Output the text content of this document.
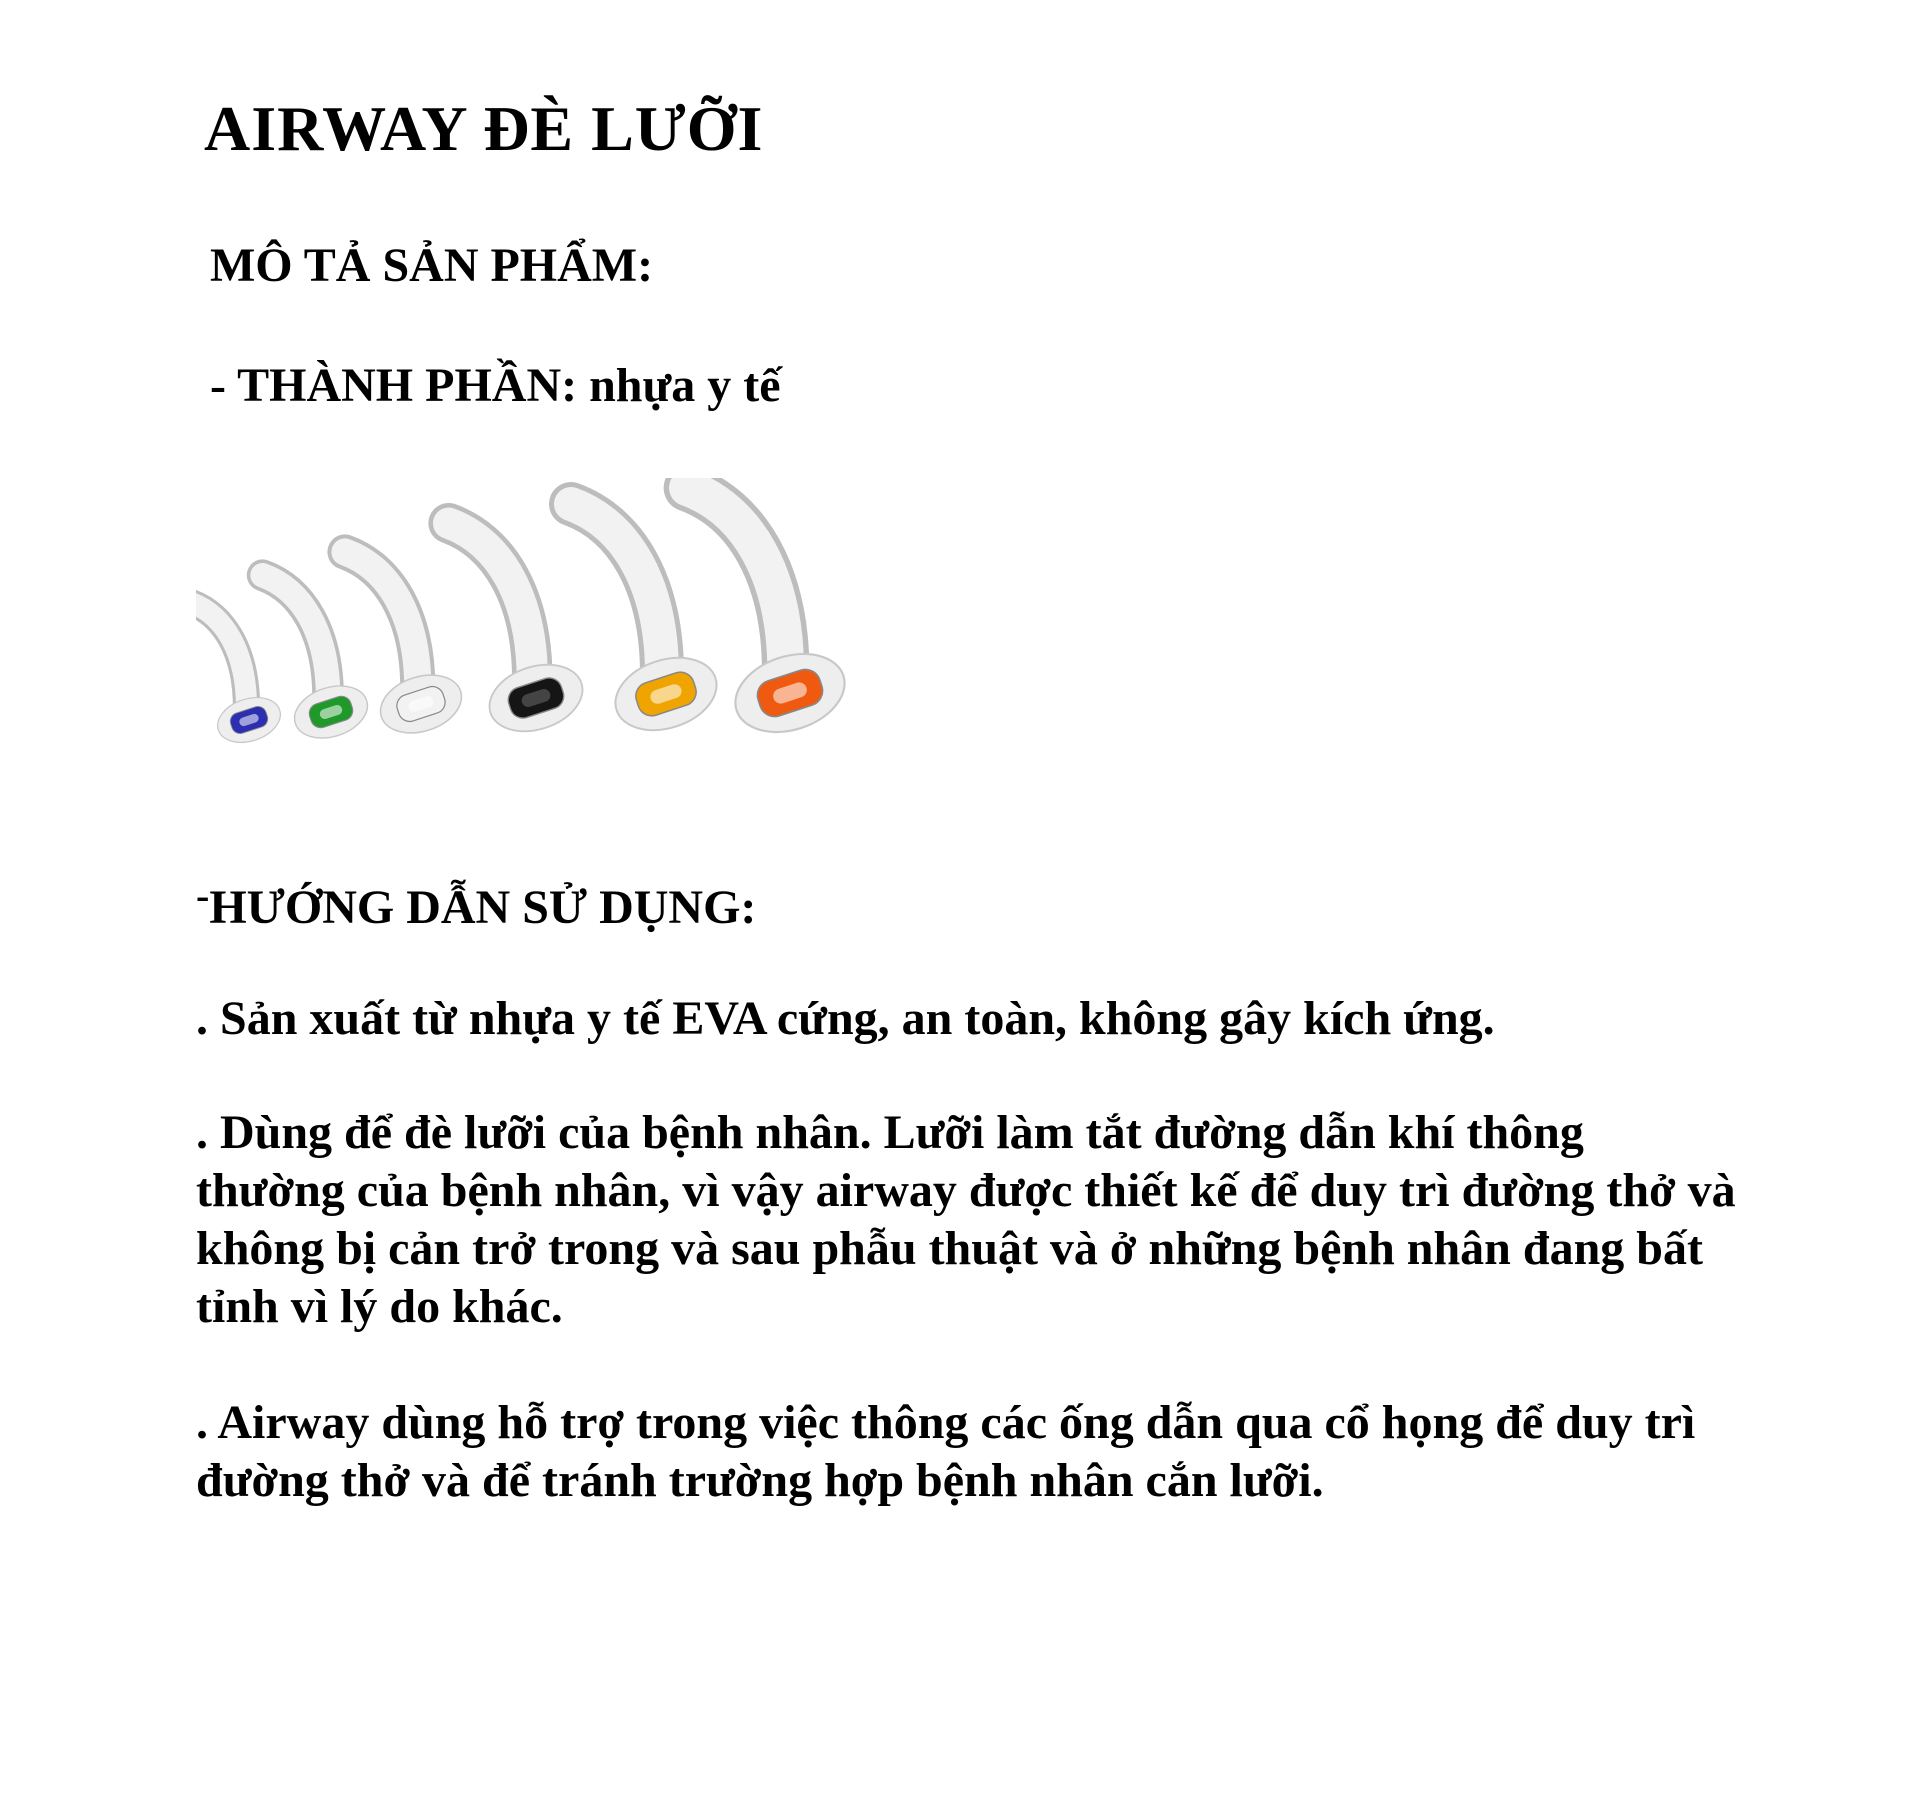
AIRWAY ĐÈ LƯỠI
MÔ TẢ SẢN PHẨM:

- THÀNH PHẦN: nhựa y tế

-HƯỚNG DẪN SỬ DỤNG:

. Sản xuất từ nhựa y tế EVA cứng, an toàn, không gây kích ứng.

. Dùng để đè lưỡi của bệnh nhân. Lưỡi làm tắt đường dẫn khí thông thường của bệnh nhân, vì vậy airway được thiết kế để duy trì đường thở và không bị cản trở trong và sau phẫu thuật và ở những bệnh nhân đang bất tỉnh vì lý do khác.

. Airway dùng hỗ trợ trong việc thông các ống dẫn qua cổ họng để duy trì đường thở và để tránh trường hợp bệnh nhân cắn lưỡi.
